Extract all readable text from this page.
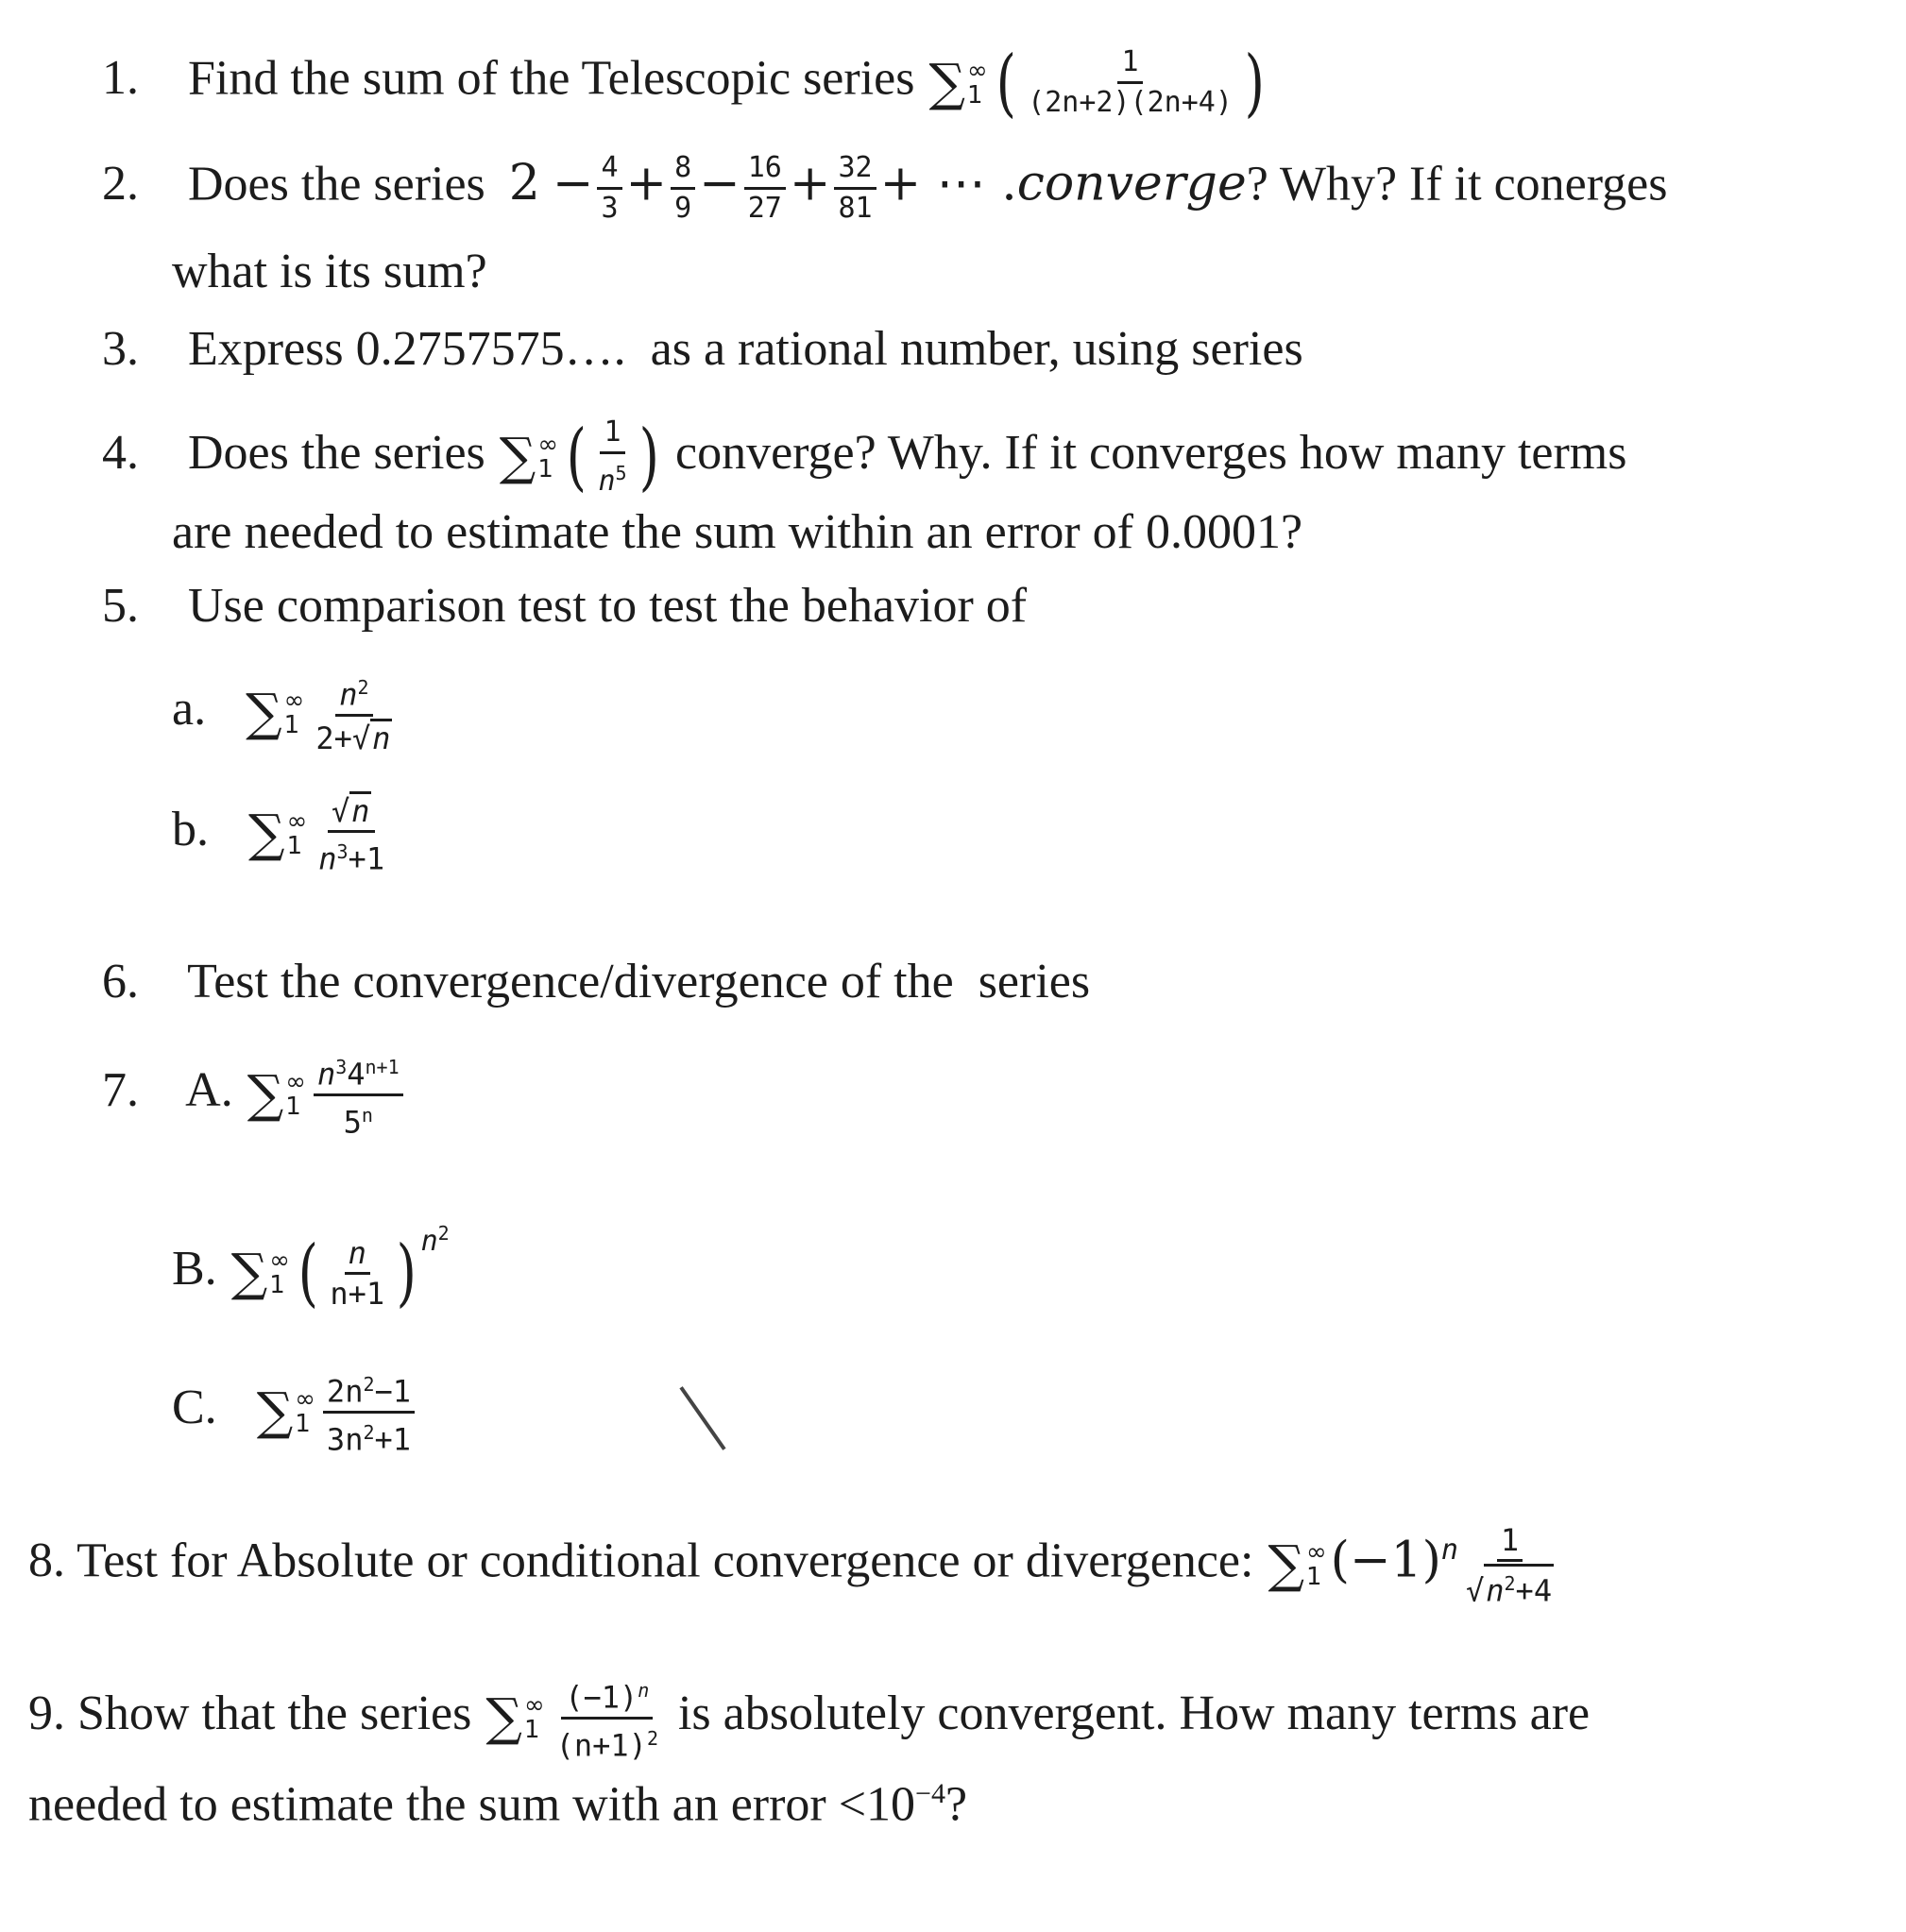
1. Find the sum of the Telescopic series ∑ ∞
1 ( $\frac{1}{(2n+2)(2n+4)}$ )
2. Does the series $2 - \frac{4}{3} + \frac{8}{9} - \frac{16}{27} + \frac{32}{81}$ + ⋯ .converge? Why? If it conerges
what is its sum?
3. Express 0.2757575….  as a rational number, using series
4. Does the series ∑ ∞
1 ( $\frac{1}{n^5}$ ) converge? Why. If it converges how many terms
are needed to estimate the sum within an error of 0.0001?
5. Use comparison test to test the behavior of
a. ∑ ∞
$1 \frac{n^2}{2+√n}$
b. ∑ ∞
$1 \frac{√n}{n^3+1}$
6. Test the convergence/divergence of the  series
7. A. ∑ ∞
$1 \frac{n^34^{n+1}}{5^n}$
B. ∑ ∞
1 ( $\frac{n}{n+1}$ ) $^{n^2}$
C. ∑ ∞
$1 \frac{2n^2-1}{3n^2+1}$
8. Test for Absolute or conditional convergence or divergence: ∑ ∞
1 $(-1)^n \frac{1}{√n^2+4}$
9. Show that the series ∑ ∞
$1 \frac{(-1)^n}{(n+1)^2}$ is absolutely convergent. How many terms are
needed to estimate the sum with an error $<10^{-4}$?
